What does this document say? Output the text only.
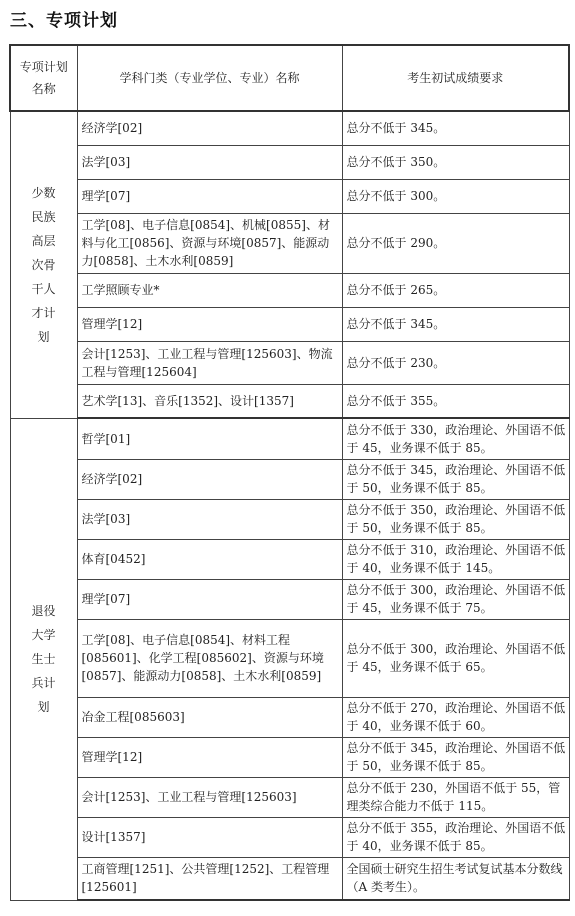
三、专项计划
专项计划名称	学科门类（专业学位、专业）名称	考生初试成绩要求
少数民族高层次骨干人才计划	经济学[02]	总分不低于 345。
	法学[03]	总分不低于 350。
	理学[07]	总分不低于 300。
	工学[08]、电子信息[0854]、机械[0855]、材料与化工[0856]、资源与环境[0857]、能源动力[0858]、土木水利[0859]	总分不低于 290。
	工学照顾专业*	总分不低于 265。
	管理学[12]	总分不低于 345。
	会计[1253]、工业工程与管理[125603]、物流工程与管理[125604]	总分不低于 230。
	艺术学[13]、音乐[1352]、设计[1357]	总分不低于 355。
退役大学生士兵计划	哲学[01]	总分不低于 330，政治理论、外国语不低于 45，业务课不低于 85。
	经济学[02]	总分不低于 345，政治理论、外国语不低于 50，业务课不低于 85。
	法学[03]	总分不低于 350，政治理论、外国语不低于 50，业务课不低于 85。
	体育[0452]	总分不低于 310，政治理论、外国语不低于 40，业务课不低于 145。
	理学[07]	总分不低于 300，政治理论、外国语不低于 45，业务课不低于 75。
	工学[08]、电子信息[0854]、材料工程[085601]、化学工程[085602]、资源与环境[0857]、能源动力[0858]、土木水利[0859]	总分不低于 300，政治理论、外国语不低于 45，业务课不低于 65。
	冶金工程[085603]	总分不低于 270，政治理论、外国语不低于 40，业务课不低于 60。
	管理学[12]	总分不低于 345，政治理论、外国语不低于 50，业务课不低于 85。
	会计[1253]、工业工程与管理[125603]	总分不低于 230，外国语不低于 55，管理类综合能力不低于 115。
	设计[1357]	总分不低于 355，政治理论、外国语不低于 40，业务课不低于 85。
	工商管理[1251]、公共管理[1252]、工程管理[125601]	全国硕士研究生招生考试复试基本分数线（A 类考生）。
